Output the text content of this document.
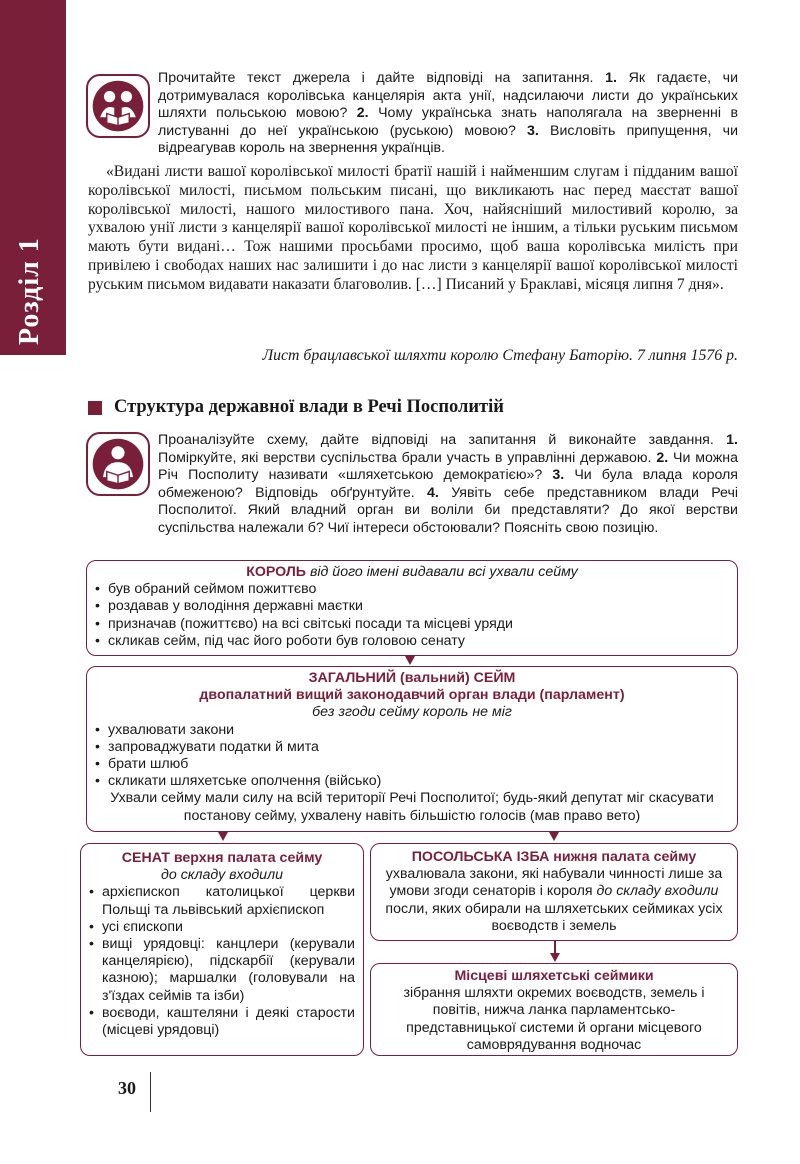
Розділ 1

Прочитайте текст джерела і дайте відповіді на запитання. 1. Як гадаєте, чи дотримувалася королівська канцелярія акта унії, надсилаючи листи до українських шляхти польською мовою? 2. Чому українська знать наполягала на зверненні в листуванні до неї українською (руською) мовою? 3. Висловіть припущення, чи відреагував король на звернення українців.

«Видані листи вашої королівської милості братії нашій і найменшим слугам і підданим вашої королівської милості, письмом польським писані, що викликають нас перед маєстат вашої королівської милості, нашого милостивого пана. Хоч, найясніший милостивий королю, за ухвалою унії листи з канцелярії вашої королівської милості не іншим, а тільки руським письмом мають бути видані… Тож нашими просьбами просимо, щоб ваша королівська милість при привілею і свободах наших нас залишити і до нас листи з канцелярії вашої королівської милості руським письмом видавати наказати благоволив. […] Писаний у Браклаві, місяця липня 7 дня».
Лист брацлавської шляхти королю Стефану Баторію. 7 липня 1576 р.
Структура державної влади в Речі Посполитій

Проаналізуйте схему, дайте відповіді на запитання й виконайте завдання. 1. Поміркуйте, які верстви суспільства брали участь в управлінні державою. 2. Чи можна Річ Посполиту називати «шляхетською демократією»? 3. Чи була влада короля обмеженою? Відповідь обґрунтуйте. 4. Уявіть себе представником влади Речі Посполитої. Який владний орган ви воліли би представляти? До якої верстви суспільства належали б? Чиї інтереси обстоювали? Поясніть свою позицію.

КОРОЛЬ від його імені видавали всі ухвали сейму
• був обраний сеймом пожиттєво
• роздавав у володіння державні маєтки
• призначав (пожиттєво) на всі світські посади та місцеві уряди
• скликав сейм, під час його роботи був головою сенату
ЗАГАЛЬНИЙ (вальний) СЕЙМ
двопалатний вищий законодавчий орган влади (парламент)
без згоди сейму король не міг
• ухвалювати закони
• запроваджувати податки й мита
• брати шлюб
• скликати шляхетське ополчення (військо)
Ухвали сейму мали силу на всій території Речі Посполитої; будь-який депутат міг скасувати постанову сейму, ухвалену навіть більшістю голосів (мав право вето)
СЕНАТ верхня палата сейму
до складу входили
• архієпископ католицької церкви Польщі та львівський архієпископ
• усі єпископи
• вищі урядовці: канцлери (керували канцелярією), підскарбії (керували казною); маршалки (головували на з'їздах сеймів та ізби)
• воєводи, каштеляни і деякі старости (місцеві урядовці)
ПОСОЛЬСЬКА ІЗБА нижня палата сейму
ухвалювала закони, які набували чинності лише за умови згоди сенаторів і короля до складу входили посли, яких обирали на шляхетських сеймиках усіх воєводств і земель
Місцеві шляхетські сеймики
зібрання шляхти окремих воєводств, земель і повітів, нижча ланка парламентсько-представницької системи й органи місцевого самоврядування водночас
30
